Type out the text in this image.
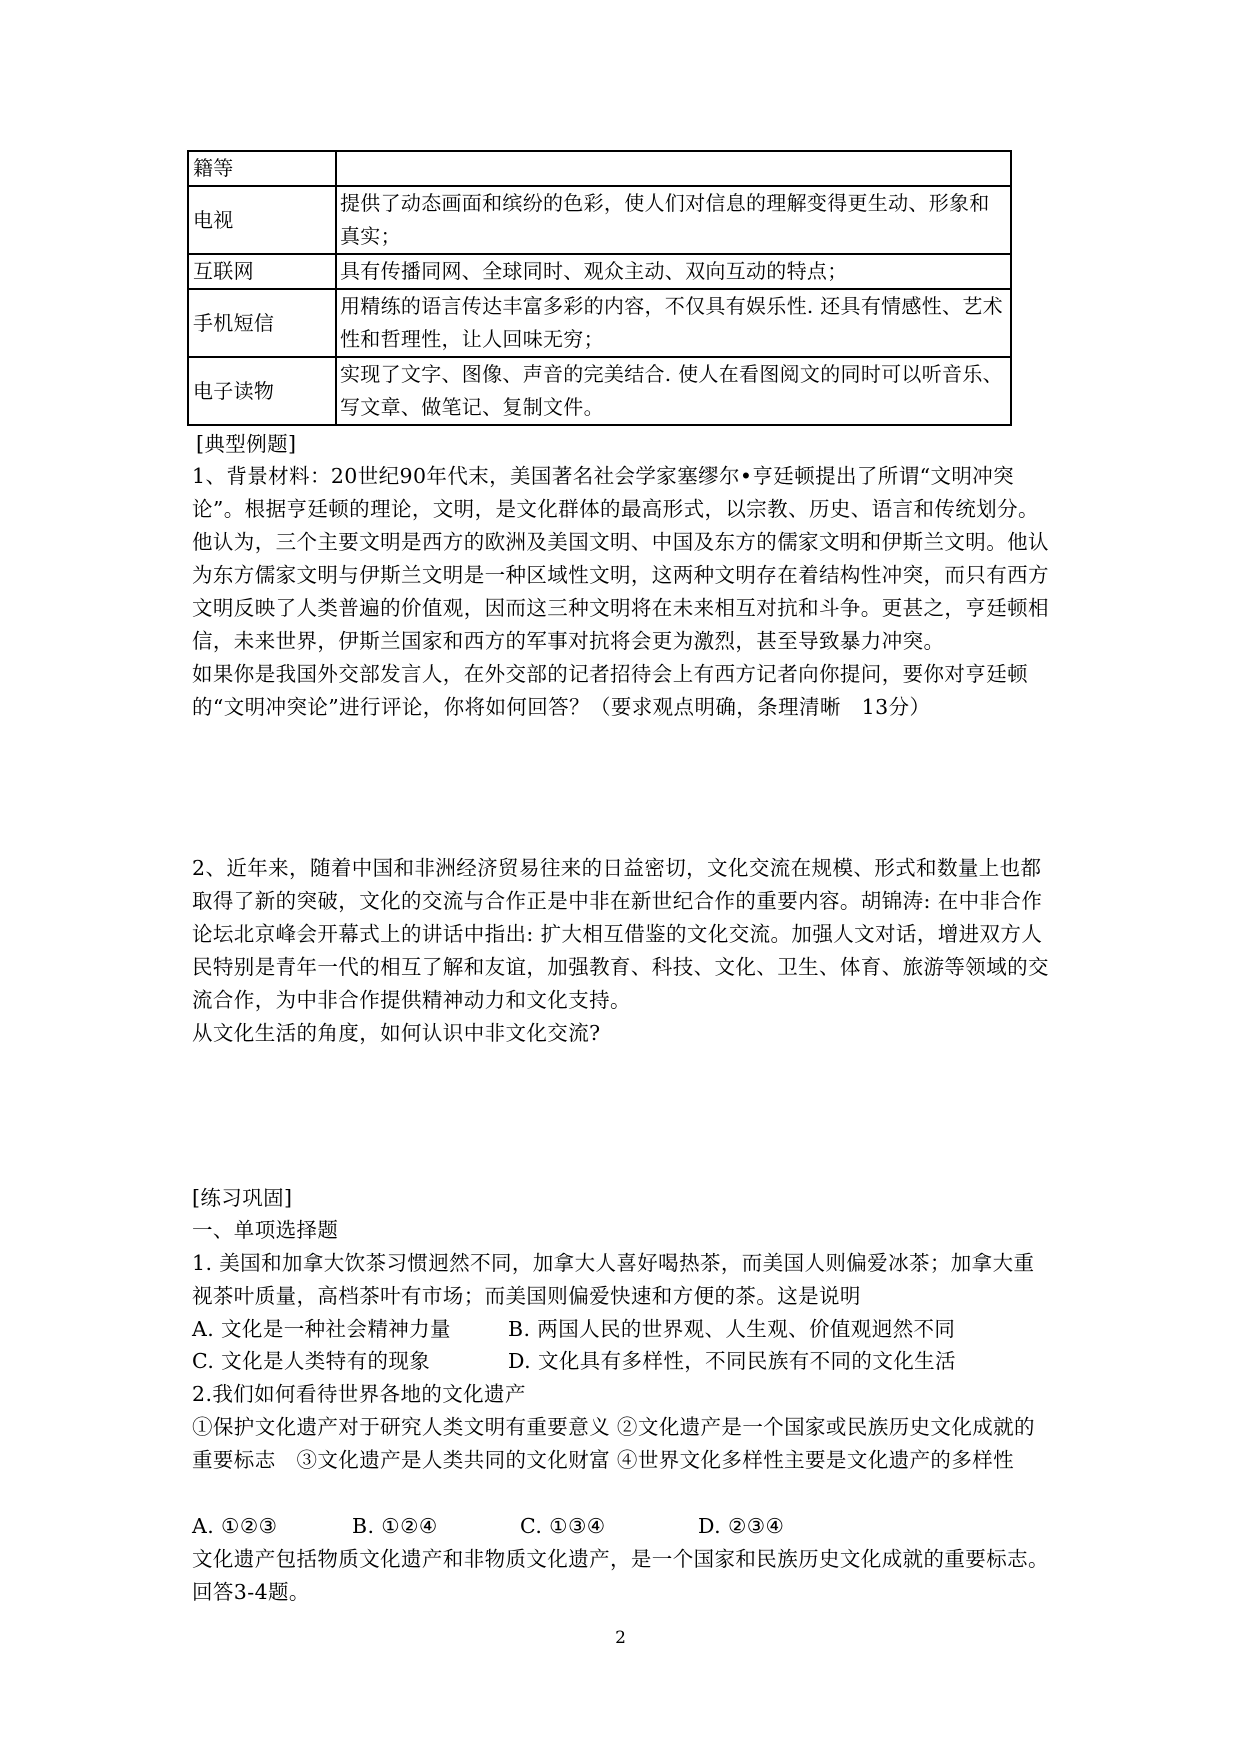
籍等	
电视	提供了动态画面和缤纷的色彩，使人们对信息的理解变得更生动、形象和真实；
互联网	具有传播同网、全球同时、观众主动、双向互动的特点；
手机短信	用精练的语言传达丰富多彩的内容，不仅具有娱乐性. 还具有情感性、艺术性和哲理性，让人回味无穷；
电子读物	实现了文字、图像、声音的完美结合. 使人在看图阅文的同时可以听音乐、写文章、做笔记、复制文件。
[典型例题]

1、背景材料：20世纪90年代末，美国著名社会学家塞缪尔•亨廷顿提出了所谓“文明冲突论”。根据亨廷顿的理论，文明，是文化群体的最高形式，以宗教、历史、语言和传统划分。他认为，三个主要文明是西方的欧洲及美国文明、中国及东方的儒家文明和伊斯兰文明。他认为东方儒家文明与伊斯兰文明是一种区域性文明，这两种文明存在着结构性冲突，而只有西方文明反映了人类普遍的价值观，因而这三种文明将在未来相互对抗和斗争。更甚之，亨廷顿相信，未来世界，伊斯兰国家和西方的军事对抗将会更为激烈，甚至导致暴力冲突。

如果你是我国外交部发言人，在外交部的记者招待会上有西方记者向你提问，要你对亨廷顿的“文明冲突论”进行评论，你将如何回答？（要求观点明确，条理清晰　13分）

2、近年来，随着中国和非洲经济贸易往来的日益密切，文化交流在规模、形式和数量上也都取得了新的突破，文化的交流与合作正是中非在新世纪合作的重要内容。胡锦涛: 在中非合作论坛北京峰会开幕式上的讲话中指出: 扩大相互借鉴的文化交流。加强人文对话，增进双方人民特别是青年一代的相互了解和友谊，加强教育、科技、文化、卫生、体育、旅游等领域的交流合作，为中非合作提供精神动力和文化支持。

从文化生活的角度，如何认识中非文化交流?

[练习巩固]
一、单项选择题

1. 美国和加拿大饮茶习惯迥然不同，加拿大人喜好喝热茶，而美国人则偏爱冰茶；加拿大重视茶叶质量，高档茶叶有市场；而美国则偏爱快速和方便的茶。这是说明

A. 文化是一种社会精神力量	B. 两国人民的世界观、人生观、价值观迥然不同
C. 文化是人类特有的现象	D. 文化具有多样性，不同民族有不同的文化生活
2.我们如何看待世界各地的文化遗产

①保护文化遗产对于研究人类文明有重要意义 ②文化遗产是一个国家或民族历史文化成就的重要标志　③文化遗产是人类共同的文化财富 ④世界文化多样性主要是文化遗产的多样性

A. ①②③	B. ①②④	C. ①③④	D. ②③④

文化遗产包括物质文化遗产和非物质文化遗产，是一个国家和民族历史文化成就的重要标志。回答3-4题。

2
